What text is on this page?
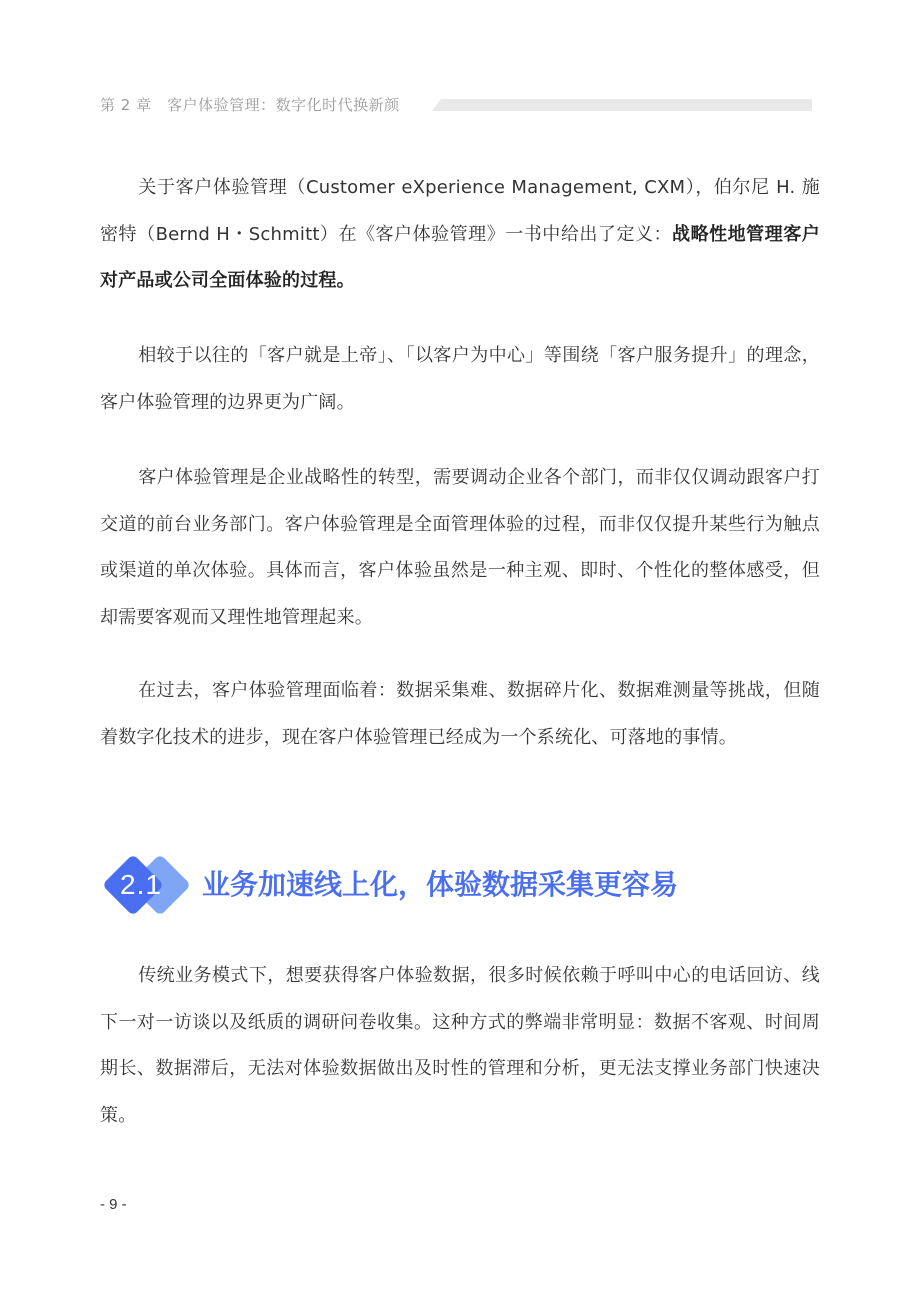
第 2 章　客户体验管理：数字化时代换新颜
关于客户体验管理（Customer eXperience Management, CXM），伯尔尼 H. 施密特（Bernd H・Schmitt）在《客户体验管理》一书中给出了定义：战略性地管理客户对产品或公司全面体验的过程。
相较于以往的「客户就是上帝」、「以客户为中心」等围绕「客户服务提升」的理念，客户体验管理的边界更为广阔。
客户体验管理是企业战略性的转型，需要调动企业各个部门，而非仅仅调动跟客户打交道的前台业务部门。客户体验管理是全面管理体验的过程，而非仅仅提升某些行为触点或渠道的单次体验。具体而言，客户体验虽然是一种主观、即时、个性化的整体感受，但却需要客观而又理性地管理起来。
在过去，客户体验管理面临着：数据采集难、数据碎片化、数据难测量等挑战，但随着数字化技术的进步，现在客户体验管理已经成为一个系统化、可落地的事情。
2.1 业务加速线上化，体验数据采集更容易
传统业务模式下，想要获得客户体验数据，很多时候依赖于呼叫中心的电话回访、线下一对一访谈以及纸质的调研问卷收集。这种方式的弊端非常明显：数据不客观、时间周期长、数据滞后，无法对体验数据做出及时性的管理和分析，更无法支撑业务部门快速决策。
- 9 -
